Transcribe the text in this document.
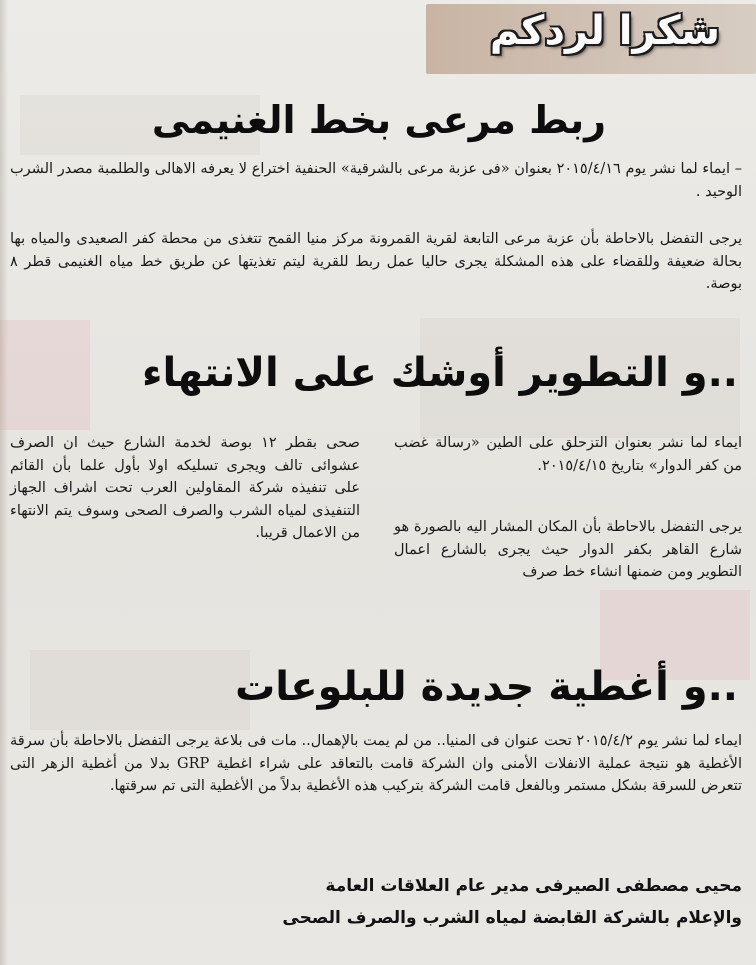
شكرا لردكم
ربط مرعى بخط الغنيمى
– ايماء لما نشر يوم ٢٠١٥/٤/١٦ بعنوان «فى عزبة مرعى بالشرقية» الحنفية اختراع لا يعرفه الاهالى والطلمبة مصدر الشرب الوحيد .
يرجى التفضل بالاحاطة بأن عزبة مرعى التابعة لقرية القمرونة مركز منيا القمح تتغذى من محطة كفر الصعيدى والمياه بها بحالة ضعيفة وللقضاء على هذه المشكلة يجرى حاليا عمل ربط للقرية ليتم تغذيتها عن طريق خط مياه الغنيمى قطر ٨ بوصة.
..و التطوير أوشك على الانتهاء
ايماء لما نشر بعنوان التزحلق على الطين «رسالة غضب من كفر الدوار» بتاريخ ٢٠١٥/٤/١٥.
يرجى التفضل بالاحاطة بأن المكان المشار اليه بالصورة هو شارع القاهر بكفر الدوار حيث يجرى بالشارع اعمال التطوير ومن ضمنها انشاء خط صرف
صحى بقطر ١٢ بوصة لخدمة الشارع حيث ان الصرف عشوائى تالف ويجرى تسليكه اولا بأول علما بأن القائم على تنفيذه شركة المقاولين العرب تحت اشراف الجهاز التنفيذى لمياه الشرب والصرف الصحى وسوف يتم الانتهاء من الاعمال قريبا.
..و أغطية جديدة للبلوعات
ايماء لما نشر يوم ٢٠١٥/٤/٢ تحت عنوان فى المنيا.. من لم يمت بالإهمال.. مات فى بلاعة يرجى التفضل بالاحاطة بأن سرقة الأغطية هو نتيجة عملية الانفلات الأمنى وان الشركة قامت بالتعاقد على شراء اغطية GRP بدلا من أغطية الزهر التى تتعرض للسرقة بشكل مستمر وبالفعل قامت الشركة بتركيب هذه الأغطية بدلاً من الأغطية التى تم سرقتها.
محيى مصطفى الصيرفى مدير عام العلاقات العامة
والإعلام بالشركة القابضة لمياه الشرب والصرف الصحى
